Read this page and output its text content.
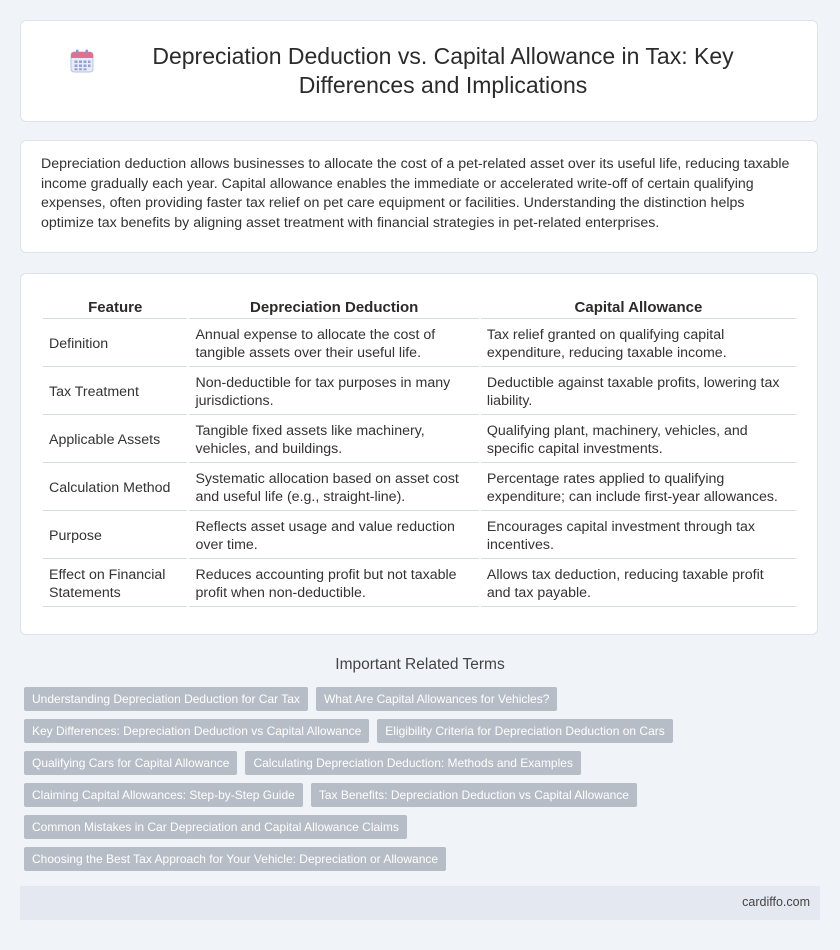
Depreciation Deduction vs. Capital Allowance in Tax: Key Differences and Implications

Depreciation deduction allows businesses to allocate the cost of a pet-related asset over its useful life, reducing taxable income gradually each year. Capital allowance enables the immediate or accelerated write-off of certain qualifying expenses, often providing faster tax relief on pet care equipment or facilities. Understanding the distinction helps optimize tax benefits by aligning asset treatment with financial strategies in pet-related enterprises.

Feature	Depreciation Deduction	Capital Allowance
Definition	Annual expense to allocate the cost of tangible assets over their useful life.	Tax relief granted on qualifying capital expenditure, reducing taxable income.
Tax Treatment	Non-deductible for tax purposes in many jurisdictions.	Deductible against taxable profits, lowering tax liability.
Applicable Assets	Tangible fixed assets like machinery, vehicles, and buildings.	Qualifying plant, machinery, vehicles, and specific capital investments.
Calculation Method	Systematic allocation based on asset cost and useful life (e.g., straight-line).	Percentage rates applied to qualifying expenditure; can include first-year allowances.
Purpose	Reflects asset usage and value reduction over time.	Encourages capital investment through tax incentives.
Effect on Financial Statements	Reduces accounting profit but not taxable profit when non-deductible.	Allows tax deduction, reducing taxable profit and tax payable.
Important Related Terms
Understanding Depreciation Deduction for Car Tax	What Are Capital Allowances for Vehicles?
Key Differences: Depreciation Deduction vs Capital Allowance	Eligibility Criteria for Depreciation Deduction on Cars
Qualifying Cars for Capital Allowance	Calculating Depreciation Deduction: Methods and Examples
Claiming Capital Allowances: Step-by-Step Guide	Tax Benefits: Depreciation Deduction vs Capital Allowance
Common Mistakes in Car Depreciation and Capital Allowance Claims
Choosing the Best Tax Approach for Your Vehicle: Depreciation or Allowance
cardiffo.com
